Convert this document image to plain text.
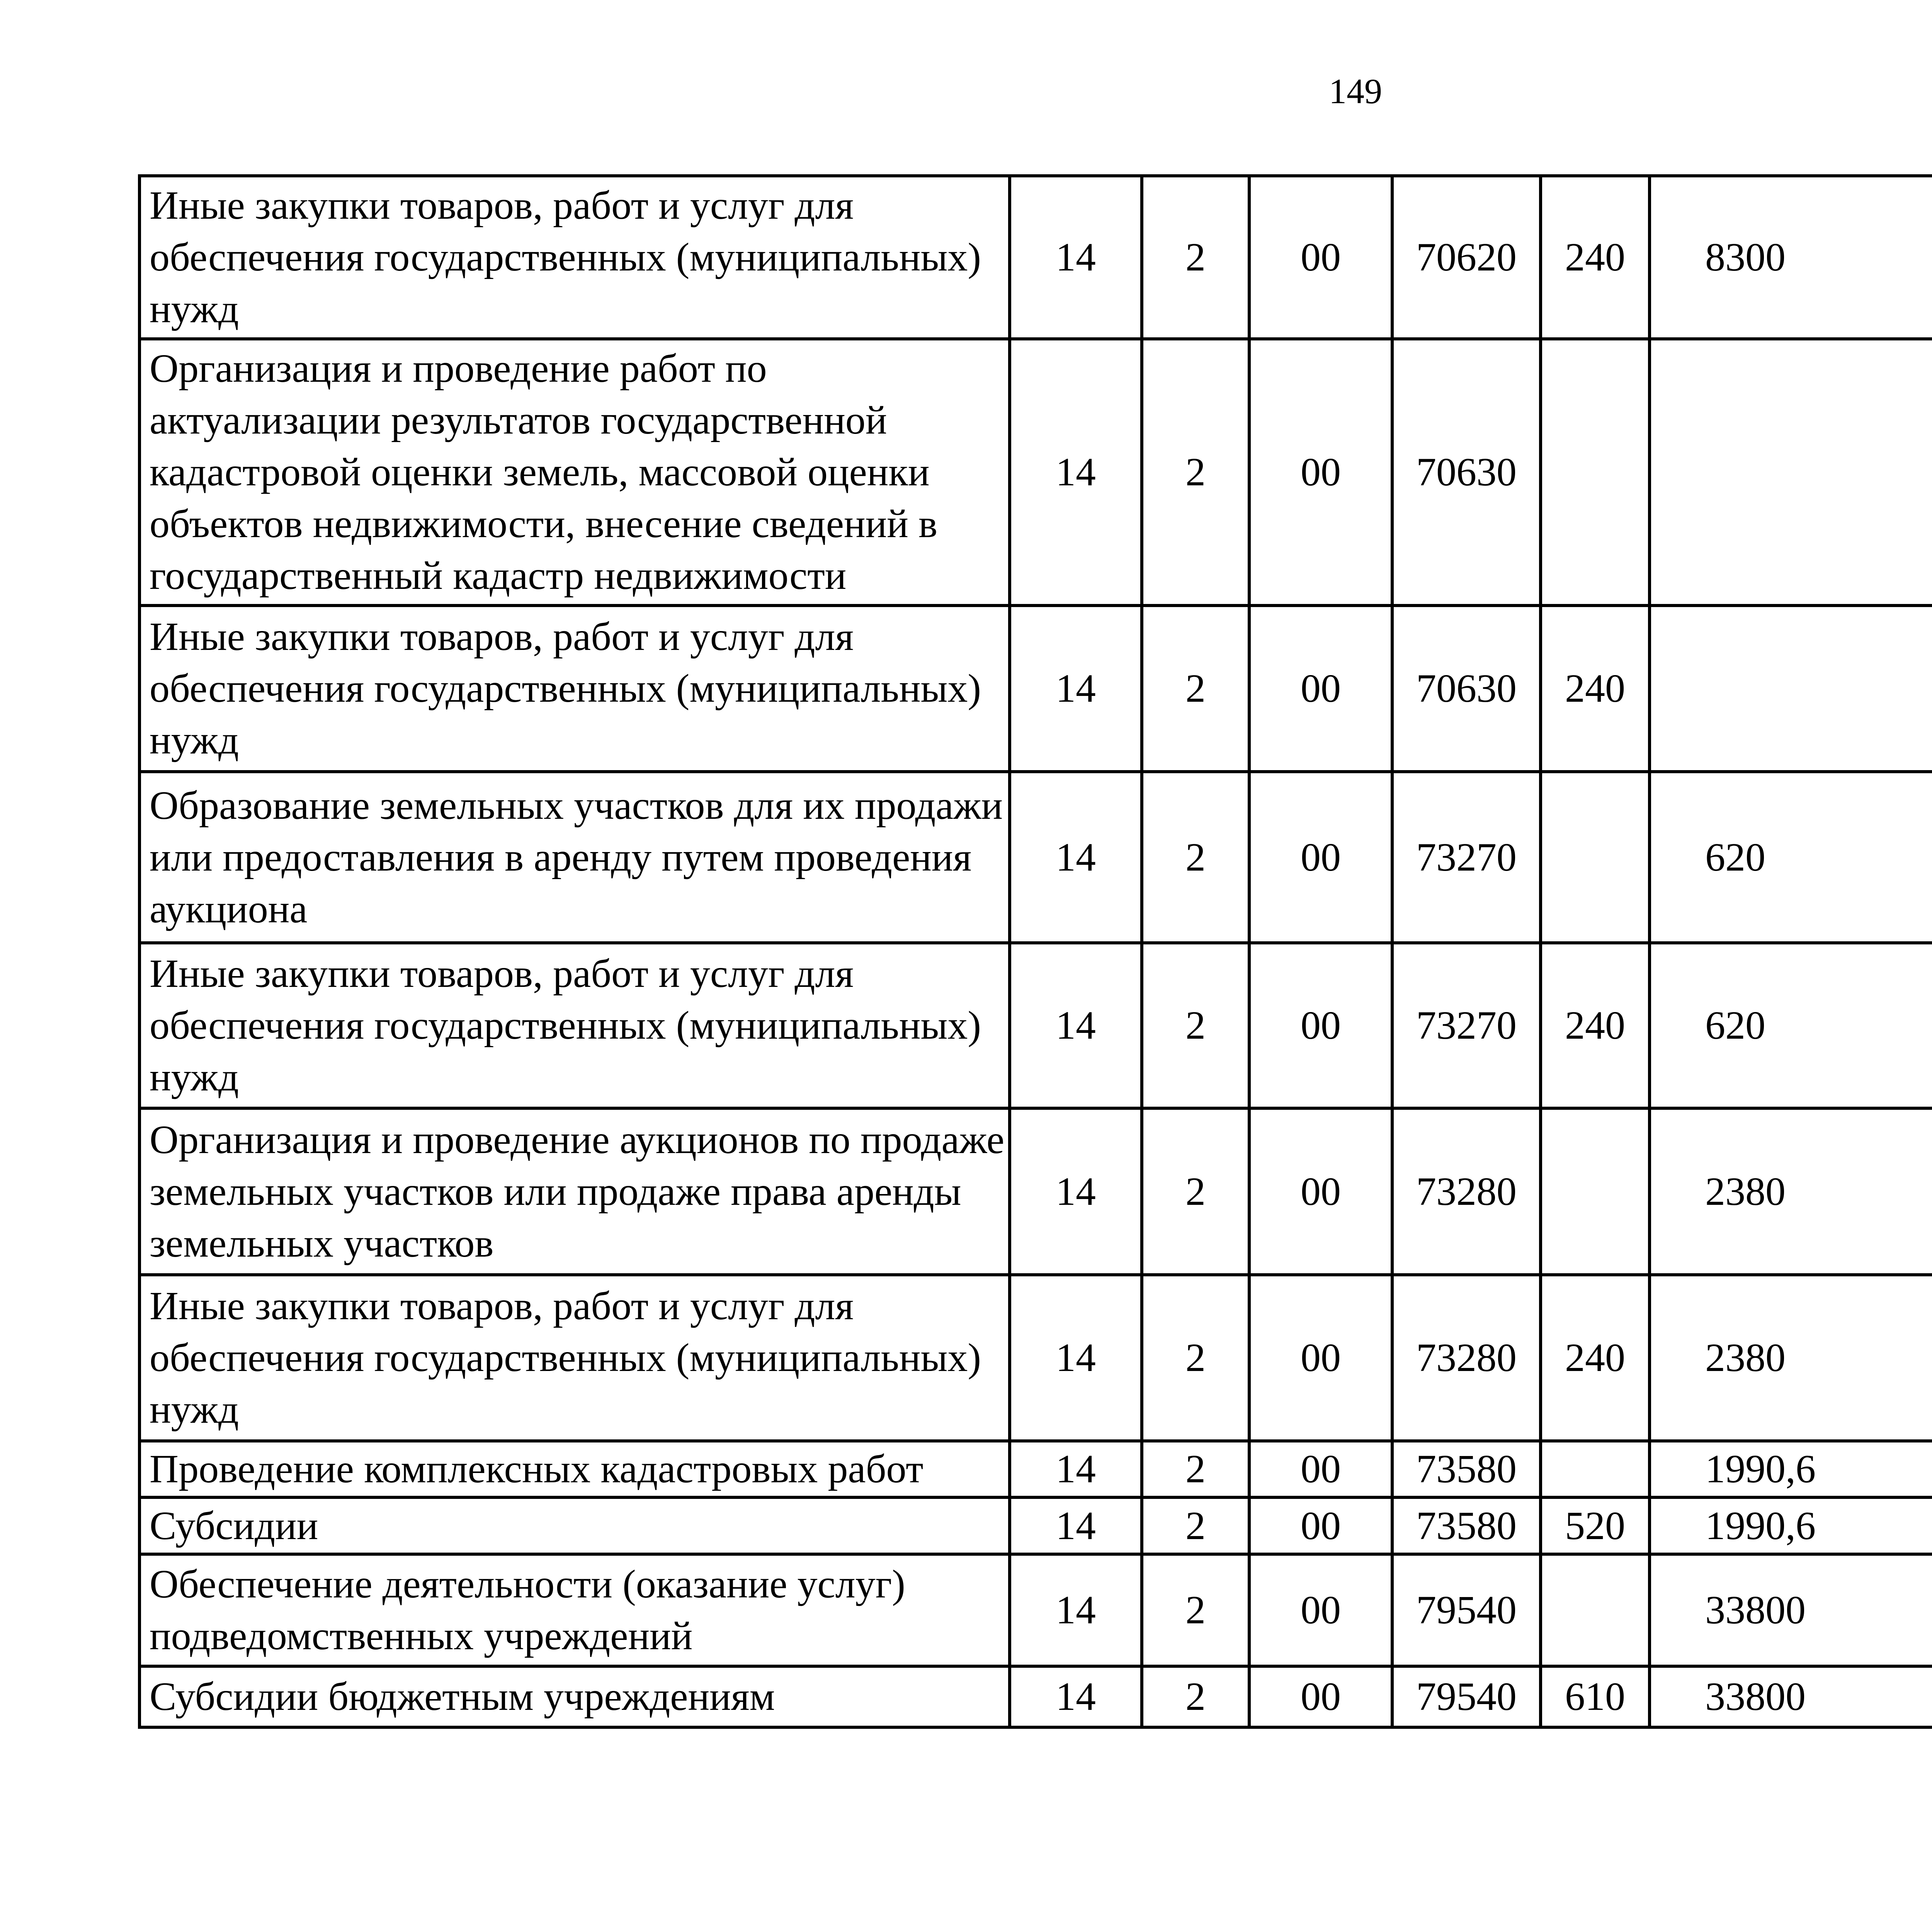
149
Иные закупки товаров, работ и услуг для обеспечения государственных (муниципальных) нужд	14	2	00	70620	240	8300		
Организация и проведение работ по актуализации результатов государственной кадастровой оценки земель, массовой оценки объектов недвижимости, внесение сведений в государственный кадастр недвижимости	14	2	00	70630				
Иные закупки товаров, работ и услуг для обеспечения государственных (муниципальных) нужд	14	2	00	70630	240			
Образование земельных участков для их продажи или предоставления в аренду путем проведения аукциона	14	2	00	73270		620		
Иные закупки товаров, работ и услуг для обеспечения государственных (муниципальных) нужд	14	2	00	73270	240	620		
Организация и проведение аукционов по продаже земельных участков или продаже права аренды земельных участков	14	2	00	73280		2380		
Иные закупки товаров, работ и услуг для обеспечения государственных (муниципальных) нужд	14	2	00	73280	240	2380		
Проведение комплексных кадастровых работ	14	2	00	73580		1990,6		
Субсидии	14	2	00	73580	520	1990,6		
Обеспечение деятельности (оказание услуг) подведомственных учреждений	14	2	00	79540		33800		
Субсидии бюджетным учреждениям	14	2	00	79540	610	33800		
